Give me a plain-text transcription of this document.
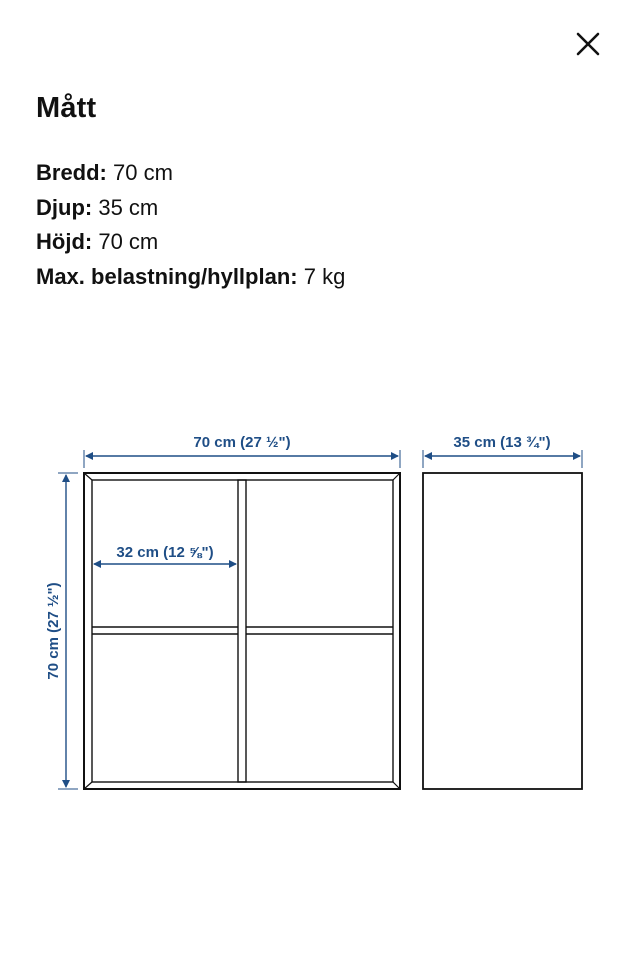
Mått
Bredd: 70 cm
Djup: 35 cm
Höjd: 70 cm
Max. belastning/hyllplan: 7 kg
70 cm (27 ½")	35 cm (13 ¾")
70 cm (27 ½")
32 cm (12 ⅝")
